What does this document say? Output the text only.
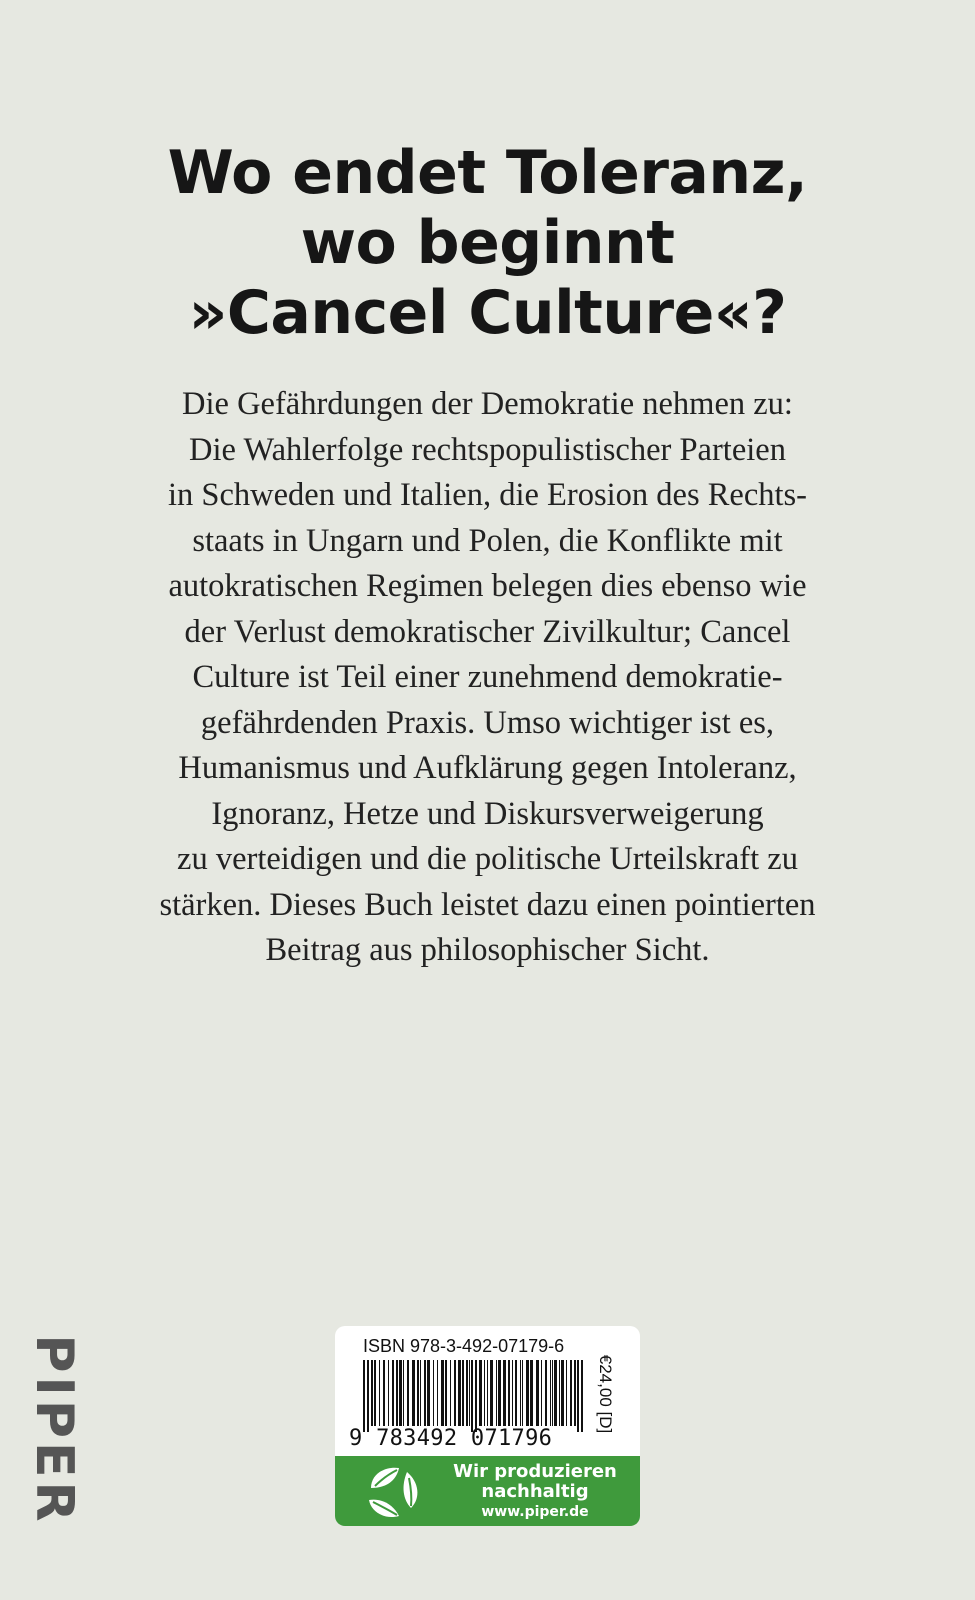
Wo endet Toleranz,
wo beginnt
»Cancel Culture«?
Die Gefährdungen der Demokratie nehmen zu:
Die Wahlerfolge rechtspopulistischer Parteien
in Schweden und Italien, die Erosion des Rechts-
staats in Ungarn und Polen, die Konflikte mit
autokratischen Regimen belegen dies ebenso wie
der Verlust demokratischer Zivilkultur; Cancel
Culture ist Teil einer zunehmend demokratie-
gefährdenden Praxis. Umso wichtiger ist es,
Humanismus und Aufklärung gegen Intoleranz,
Ignoranz, Hetze und Diskursverweigerung
zu verteidigen und die politische Urteilskraft zu
stärken. Dieses Buch leistet dazu einen pointierten
Beitrag aus philosophischer Sicht.
PIPER	ISBN 978-3-492-07179-6
9 783492 071796
€24,00 [D]
Wir produzieren
nachhaltig
www.piper.de
